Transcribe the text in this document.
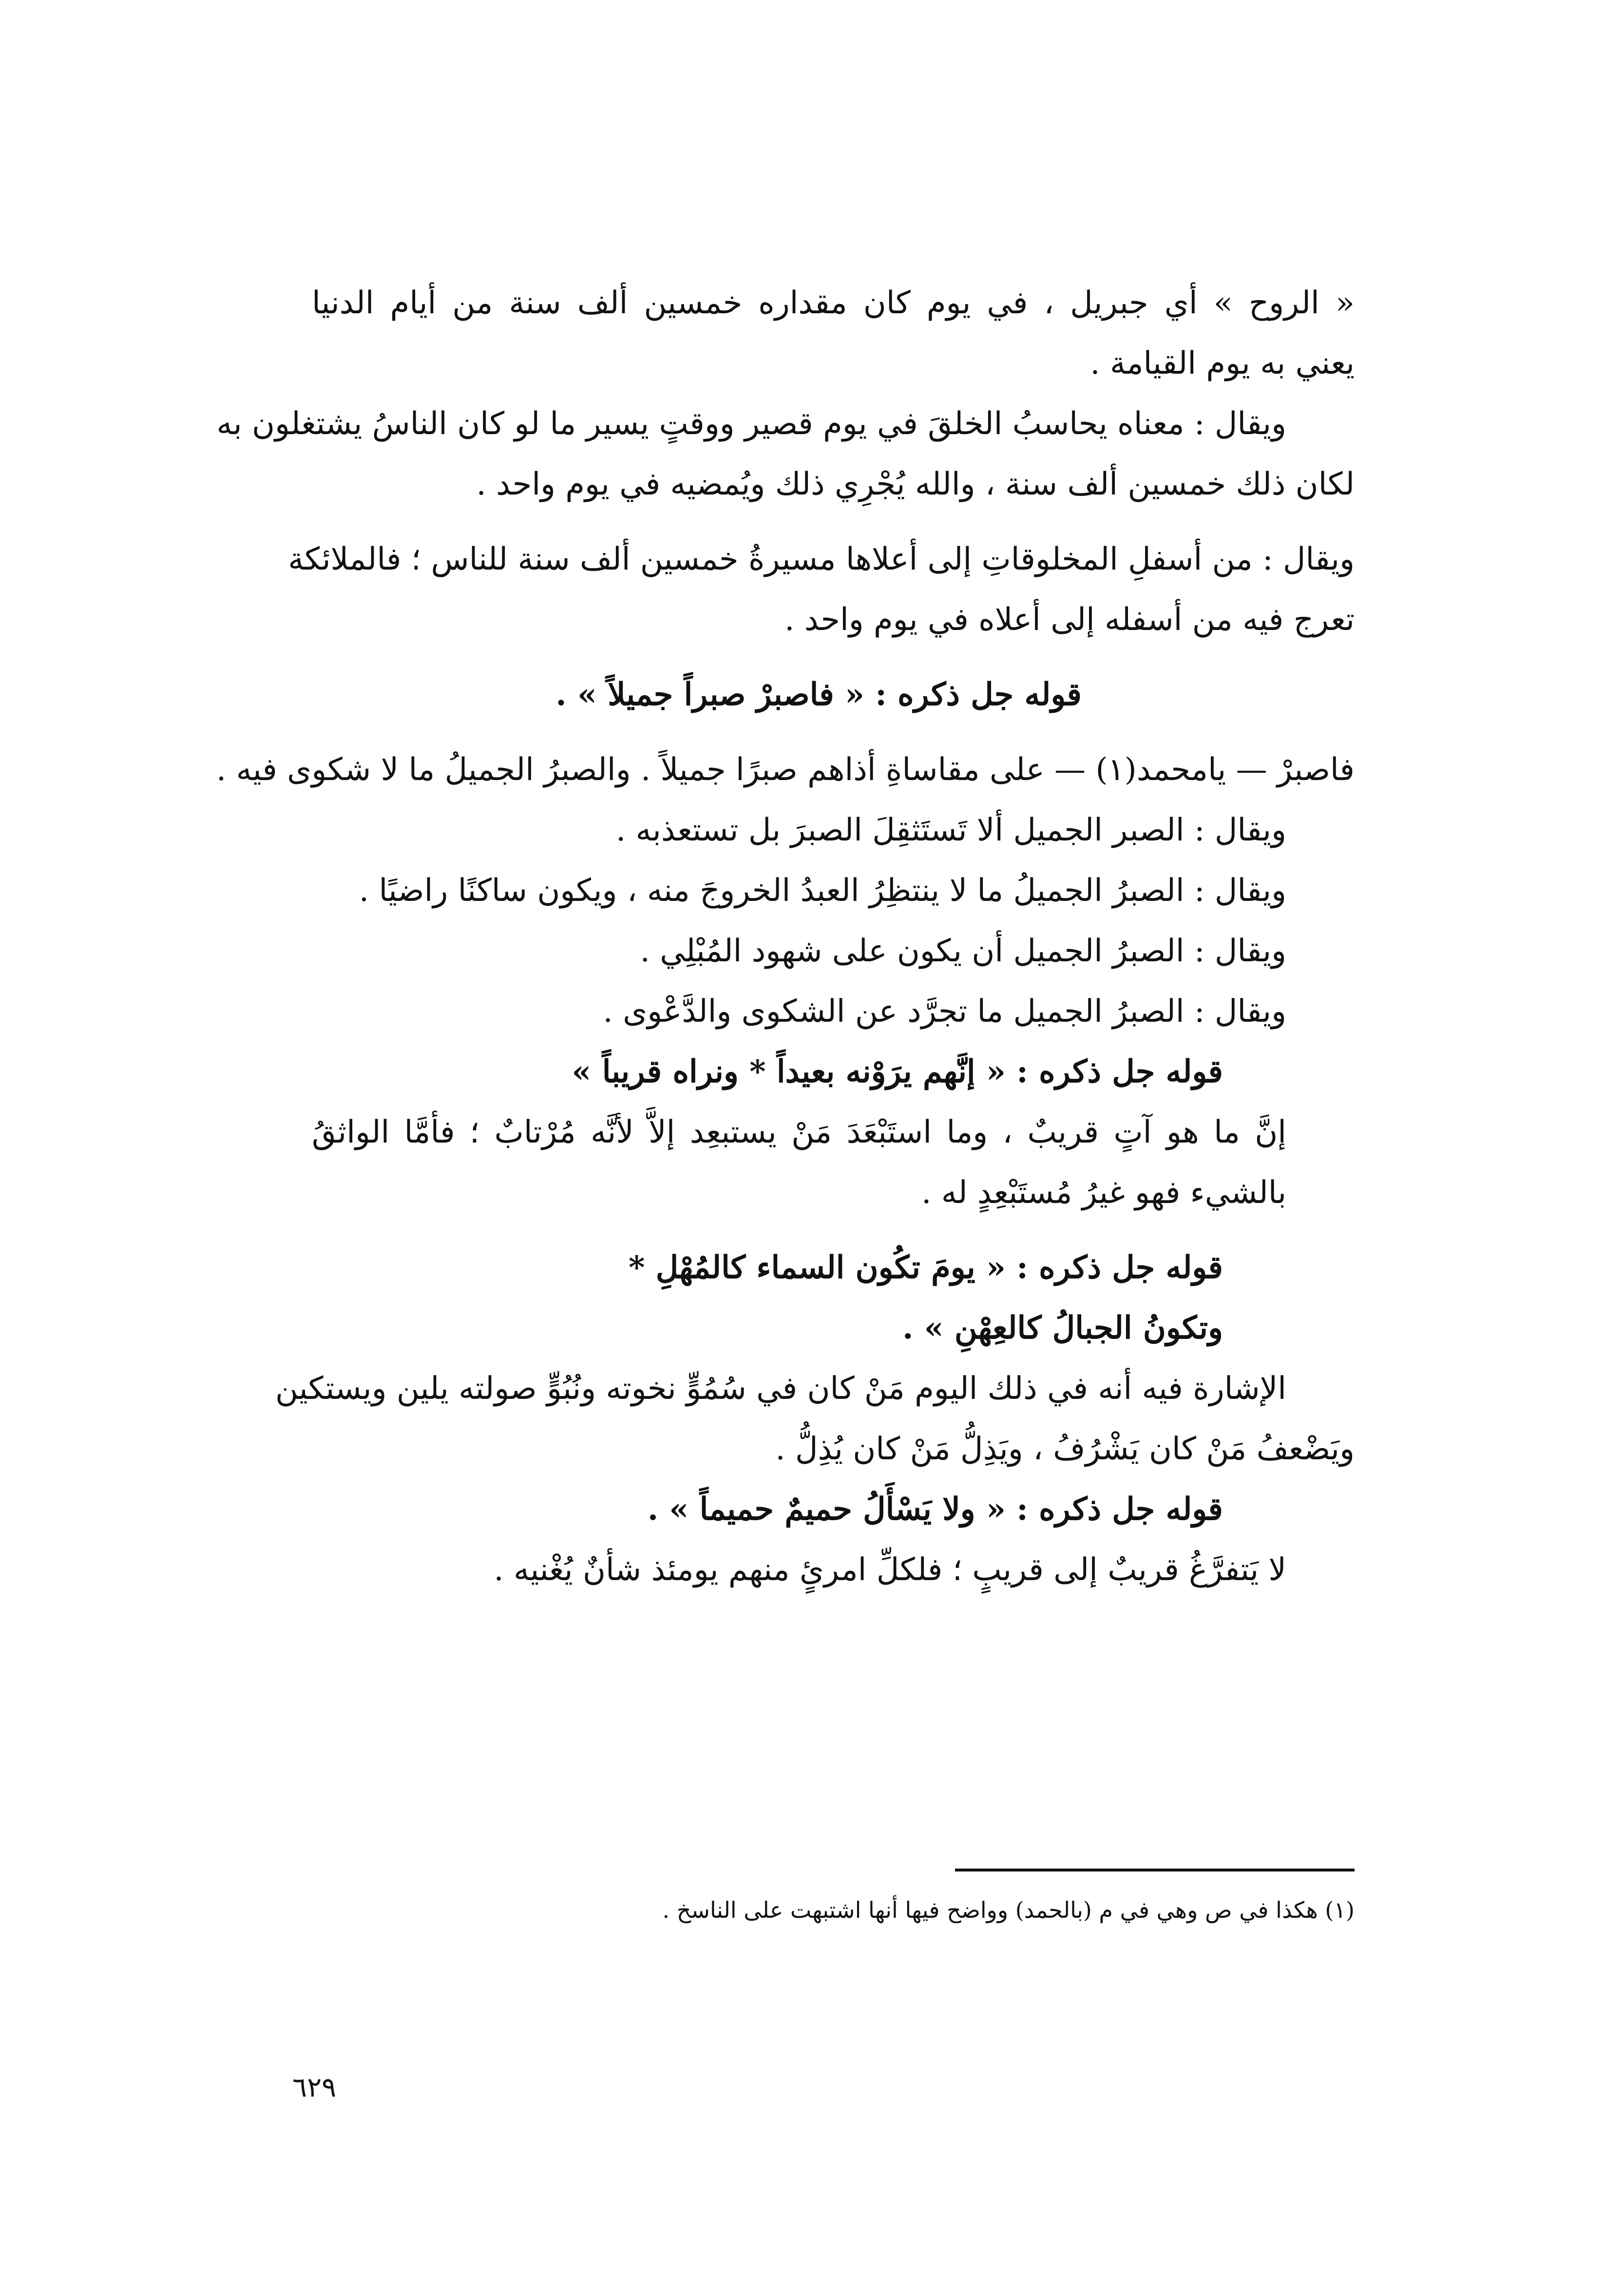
« الروح » أي جبريل ، في يوم كان مقداره خمسين ألف سنة من أيام الدنيا
يعني به يوم القيامة .
ويقال : معناه يحاسبُ الخلقَ في يوم قصير ووقتٍ يسير ما لو كان الناسُ يشتغلون به
لكان ذلك خمسين ألف سنة ، والله يُجْرِي ذلك ويُمضيه في يوم واحد .
ويقال : من أسفلِ المخلوقاتِ إلى أعلاها مسيرةُ خمسين ألف سنة للناس ؛ فالملائكة
تعرج فيه من أسفله إلى أعلاه في يوم واحد .
قوله جل ذكره : « فاصبرْ صبراً جميلاً » .
فاصبرْ — يامحمد(١) — على مقاساةِ أذاهم صبرًا جميلاً . والصبرُ الجميلُ ما لا شكوى فيه .
ويقال : الصبر الجميل ألا تَستَثقِلَ الصبرَ بل تستعذبه .
ويقال : الصبرُ الجميلُ ما لا ينتظِرُ العبدُ الخروجَ منه ، ويكون ساكنًا راضيًا .
ويقال : الصبرُ الجميل أن يكون على شهود المُبْلِي .
ويقال : الصبرُ الجميل ما تجرَّد عن الشكوى والدَّعْوى .
قوله جل ذكره : « إنَّهم يرَوْنه بعيداً * ونراه قريباً »
إنَّ ما هو آتٍ قريبٌ ، وما استَبْعَدَ مَنْ يستبعِد إلاَّ لأنَّه مُرْتابٌ ؛ فأمَّا الواثقُ
بالشيء فهو غيرُ مُستَبْعِدٍ له .
قوله جل ذكره : « يومَ تكُون السماء كالمُهْلِ *
وتكونُ الجبالُ كالعِهْنِ » .
الإشارة فيه أنه في ذلك اليوم مَنْ كان في سُمُوٍّ نخوته ونُبُوٍّ صولته يلين ويستكين
ويَضْعفُ مَنْ كان يَشْرُفُ ، ويَذِلُّ مَنْ كان يُذِلُّ .
قوله جل ذكره : « ولا يَسْأَلُ حميمٌ حميماً » .
لا يَتفرَّغُ قريبٌ إلى قريبٍ ؛ فلكلِّ امرئٍ منهم يومئذ شأنٌ يُغْنيه .
(١) هكذا في ص وهي في م (بالحمد) وواضح فيها أنها اشتبهت على الناسخ .
٦٢٩
